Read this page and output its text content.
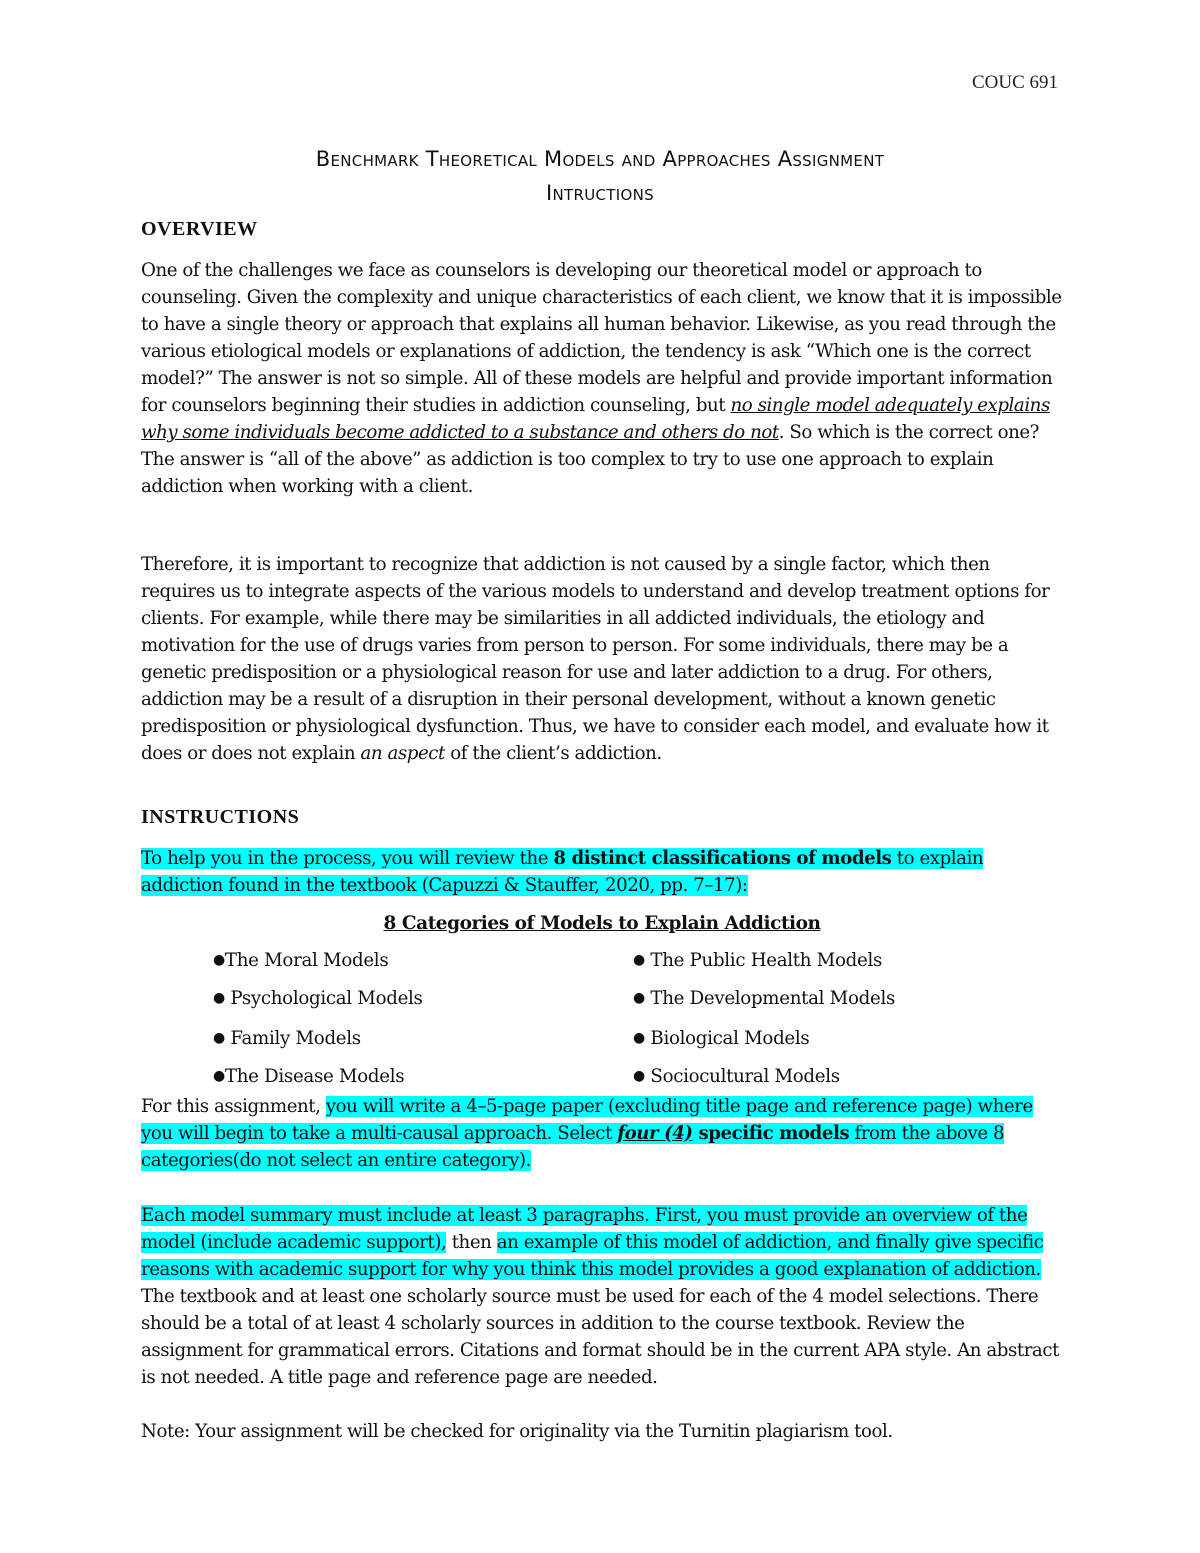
COUC 691
Benchmark Theoretical Models and Approaches Assignment
Intructions

OVERVIEW

One of the challenges we face as counselors is developing our theoretical model or approach to counseling. Given the complexity and unique characteristics of each client, we know that it is impossible to have a single theory or approach that explains all human behavior. Likewise, as you read through the various etiological models or explanations of addiction, the tendency is ask “Which one is the correct model?” The answer is not so simple. All of these models are helpful and provide important information for counselors beginning their studies in addiction counseling, but no single model adequately explains why some individuals become addicted to a substance and others do not. So which is the correct one? The answer is “all of the above” as addiction is too complex to try to use one approach to explain addiction when working with a client.

Therefore, it is important to recognize that addiction is not caused by a single factor, which then requires us to integrate aspects of the various models to understand and develop treatment options for clients. For example, while there may be similarities in all addicted individuals, the etiology and motivation for the use of drugs varies from person to person. For some individuals, there may be a genetic predisposition or a physiological reason for use and later addiction to a drug. For others, addiction may be a result of a disruption in their personal development, without a known genetic predisposition or physiological dysfunction. Thus, we have to consider each model, and evaluate how it does or does not explain an aspect of the client’s addiction.

INSTRUCTIONS

To help you in the process, you will review the 8 distinct classifications of models to explain addiction found in the textbook (Capuzzi & Stauffer, 2020, pp. 7–17):

8 Categories of Models to Explain Addiction

●The Moral Models
● Psychological Models
● Family Models
●The Disease Models
● The Public Health Models
● The Developmental Models
● Biological Models
● Sociocultural Models

For this assignment, you will write a 4–5-page paper (excluding title page and reference page) where you will begin to take a multi-causal approach. Select four (4) specific models from the above 8 categories(do not select an entire category).

Each model summary must include at least 3 paragraphs. First, you must provide an overview of the model (include academic support), then an example of this model of addiction, and finally give specific reasons with academic support for why you think this model provides a good explanation of addiction. The textbook and at least one scholarly source must be used for each of the 4 model selections. There should be a total of at least 4 scholarly sources in addition to the course textbook. Review the assignment for grammatical errors. Citations and format should be in the current APA style. An abstract is not needed. A title page and reference page are needed.

Note: Your assignment will be checked for originality via the Turnitin plagiarism tool.
